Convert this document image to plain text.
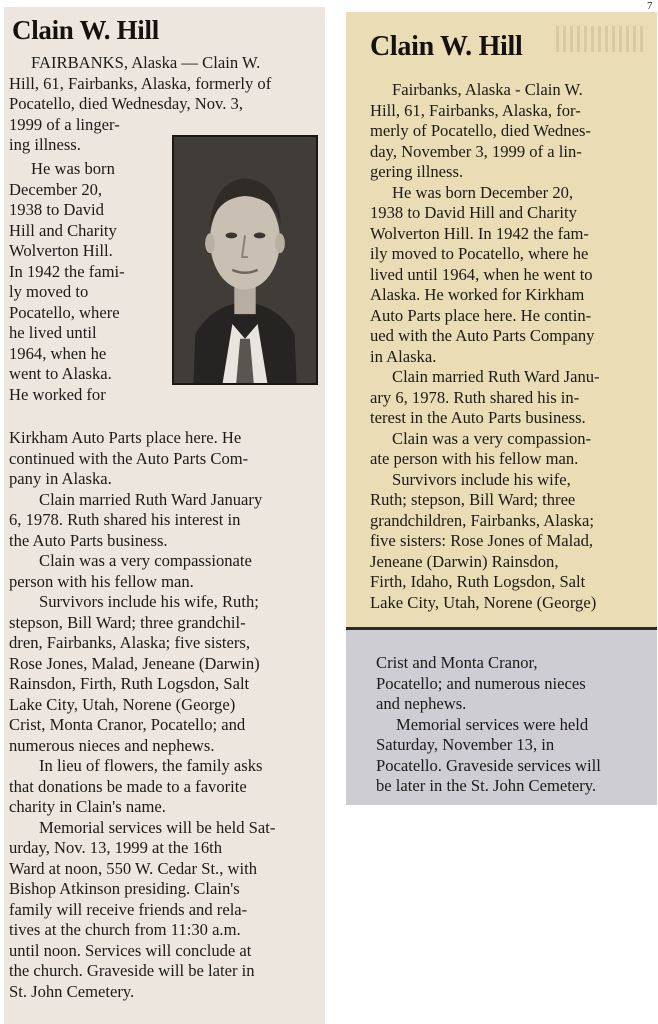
7
Clain W. Hill

FAIRBANKS, Alaska — Clain W.

Hill, 61, Fairbanks, Alaska, formerly of

Pocatello, died Wednesday, Nov. 3,

1999 of a linger-

ing illness.

He was born

December 20,

1938 to David

Hill and Charity

Wolverton Hill.

In 1942 the fami-

ly moved to

Pocatello, where

he lived until

1964, when he

went to Alaska.

He worked for

Kirkham Auto Parts place here. He

continued with the Auto Parts Com-

pany in Alaska.

Clain married Ruth Ward January

6, 1978. Ruth shared his interest in

the Auto Parts business.

Clain was a very compassionate

person with his fellow man.

Survivors include his wife, Ruth;

stepson, Bill Ward; three grandchil-

dren, Fairbanks, Alaska; five sisters,

Rose Jones, Malad, Jeneane (Darwin)

Rainsdon, Firth, Ruth Logsdon, Salt

Lake City, Utah, Norene (George)

Crist, Monta Cranor, Pocatello; and

numerous nieces and nephews.

In lieu of flowers, the family asks

that donations be made to a favorite

charity in Clain's name.

Memorial services will be held Sat-

urday, Nov. 13, 1999 at the 16th

Ward at noon, 550 W. Cedar St., with

Bishop Atkinson presiding. Clain's

family will receive friends and rela-

tives at the church from 11:30 a.m.

until noon. Services will conclude at

the church. Graveside will be later in

St. John Cemetery.

Clain W. Hill

Fairbanks, Alaska - Clain W.

Hill, 61, Fairbanks, Alaska, for-

merly of Pocatello, died Wednes-

day, November 3, 1999 of a lin-

gering illness.

He was born December 20,

1938 to David Hill and Charity

Wolverton Hill. In 1942 the fam-

ily moved to Pocatello, where he

lived until 1964, when he went to

Alaska. He worked for Kirkham

Auto Parts place here. He contin-

ued with the Auto Parts Company

in Alaska.

Clain married Ruth Ward Janu-

ary 6, 1978. Ruth shared his in-

terest in the Auto Parts business.

Clain was a very compassion-

ate person with his fellow man.

Survivors include his wife,

Ruth; stepson, Bill Ward; three

grandchildren, Fairbanks, Alaska;

five sisters: Rose Jones of Malad,

Jeneane (Darwin) Rainsdon,

Firth, Idaho, Ruth Logsdon, Salt

Lake City, Utah, Norene (George)

Crist and Monta Cranor,

Pocatello; and numerous nieces

and nephews.

Memorial services were held

Saturday, November 13, in

Pocatello. Graveside services will

be later in the St. John Cemetery.
